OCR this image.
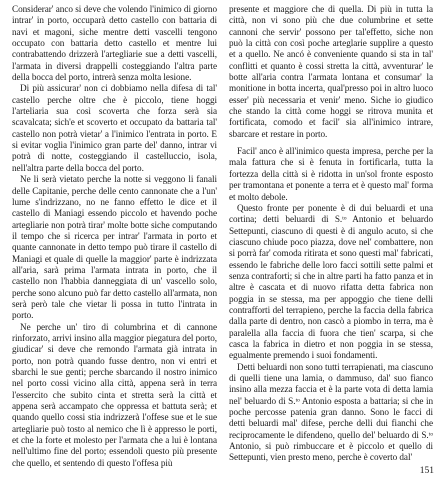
Considerar' anco si deve che volendo l'inimico di giorno intrar' in porto, occuparà detto castello con battaria di navi et magoni, siche mentre detti vascelli tengono occupato con battaria detto castello et mentre lui contrabattendo drizzerà l'artegliarie sue a detti vascelli, l'armata in diversi drappelli costeggiando l'altra parte della bocca del porto, intrerà senza molta lesione.

Di più assicurar' non ci dobbiamo nella difesa di tal' castello perche oltre che è piccolo, tiene hoggi l'arteliaria sua così scoverta che forza serà sia scavalcata; sich'e et scoverto et occupato da battaria tal' castello non potrà vietar' a l'inimico l'entrata in porto. E si evitar voglia l'inimico gran parte del' danno, intrar vi potrà di notte, costeggiando il castelluccio, isola, nell'altra parte della bocca del porto.

Ne li serà vietato perche la notte si veggono li fanali delle Capitanie, perche delle cento cannonate che a l'un' lume s'indrizzano, no ne fanno effetto le dice et il castello di Maniagi essendo piccolo et havendo poche artegliarie non potrà tirar' molte botte siche computando il tempo che si ricerca per intrar' l'armata in porto et quante cannonate in detto tempo può tirare il castello di Maniagi et quale di quelle la maggior' parte è indrizzata all'aria, sarà prima l'armata intrata in porto, che il castello non l'habbia danneggiata di un' vascello solo, perche sono alcuno può far detto castello all'armata, non serà però tale che vietar li possa in tutto l'intrata in porto.

Ne perche un' tiro di columbrina et di cannone rinforzato, arrivi insino alla maggior piegatura del porto, giudicar' si deve che remondo l'armata già intrata in porto, non potrà quando fusse dentro, non vi entri et sbarchi le sue genti; perche sbarcando il nostro inimico nel porto cossi vicino alla città, appena serà in terra l'essercito che subito cinta et stretta serà la città et appena serà accampato che oppressa et battuta serà; et quando quello cossi stia indrizzerà l'offese sue et le sue artegliarie può tosto al nemico che lì è appresso le porti, et che la forte et molesto per l'armata che a lui è lontana nell'ultimo fine del porto; essendoli questo più presente che quello, et sentendo di questo l'offesa più

presente et maggiore che di quella. Di più in tutta la città, non vi sono più che due columbrine et sette cannoni che servir' possono per tal'effetto, siche non può la città con così poche arteglarie supplire a questo et a quello. Ne ancó è conveniente quando si sta in tal' conflitti et quanto è cossi stretta la città, avventurar' le botte all'aria contra l'armata lontana et consumar' la monitione in botta incerta, qual'presso poi in altro luoco esser' più necessaria et venir' meno. Siche io giudico che stando la città come hoggi se ritrova munita et fortificata, comodo et facil' sia all'inimico intrare, sbarcare et restare in porto.

Facil' anco è all'inimico questa impresa, perche per la mala fattura che si è fenuta in fortificarla, tutta la fortezza della città si è ridotta in un'sol fronte esposto per tramontana et ponente a terra et è questo mal' forma et molto debole.

Questo fronte per ponente è di dui beluardi et una cortina; detti beluardi di S.ᵗᵒ Antonio et beluardo Settepunti, ciascuno di questi è di angulo acuto, si che ciascuno chiude poco piazza, dove nel' combattere, non si porrà far' comoda ritirata et sono questi mal' fabricati, essendo le fabriche delle loro facci sottili sette palmi et senza contraforti; si che in altre parti ha fatto panza et in altre è cascata et di nuovo rifatta detta fabrica non poggia in se stessa, ma per appoggio che tiene delli contrafforti del terrapieno, perche la faccia della fabrica dalla parte di dentro, non cascò a piombo in terra, ma è paralella alla faccia di fuora che tien' scarpa, si che casca la fabrica in dietro et non poggia in se stessa, egualmente premendo i suoi fondamenti.

Detti beluardi non sono tutti terrapienati, ma ciascuno di quelli tiene una lamia, o dammuso, dal' suo fianco insino alla mezza faccia et è la parte vota di detta lamia nel' beluardo di S.ᵗᵒ Antonio esposta a battaria; si che in poche percosse patenia gran danno. Sono le facci di detti beluardi mal' difese, perche delli dui fianchi che reciprocamente le difendeno, quello del' beluardo di S.ᵗᵒ Antonio, si può rimbuccare et è piccolo et quello di Settepunti, vien presto meno, perche è coverto dal'

151
